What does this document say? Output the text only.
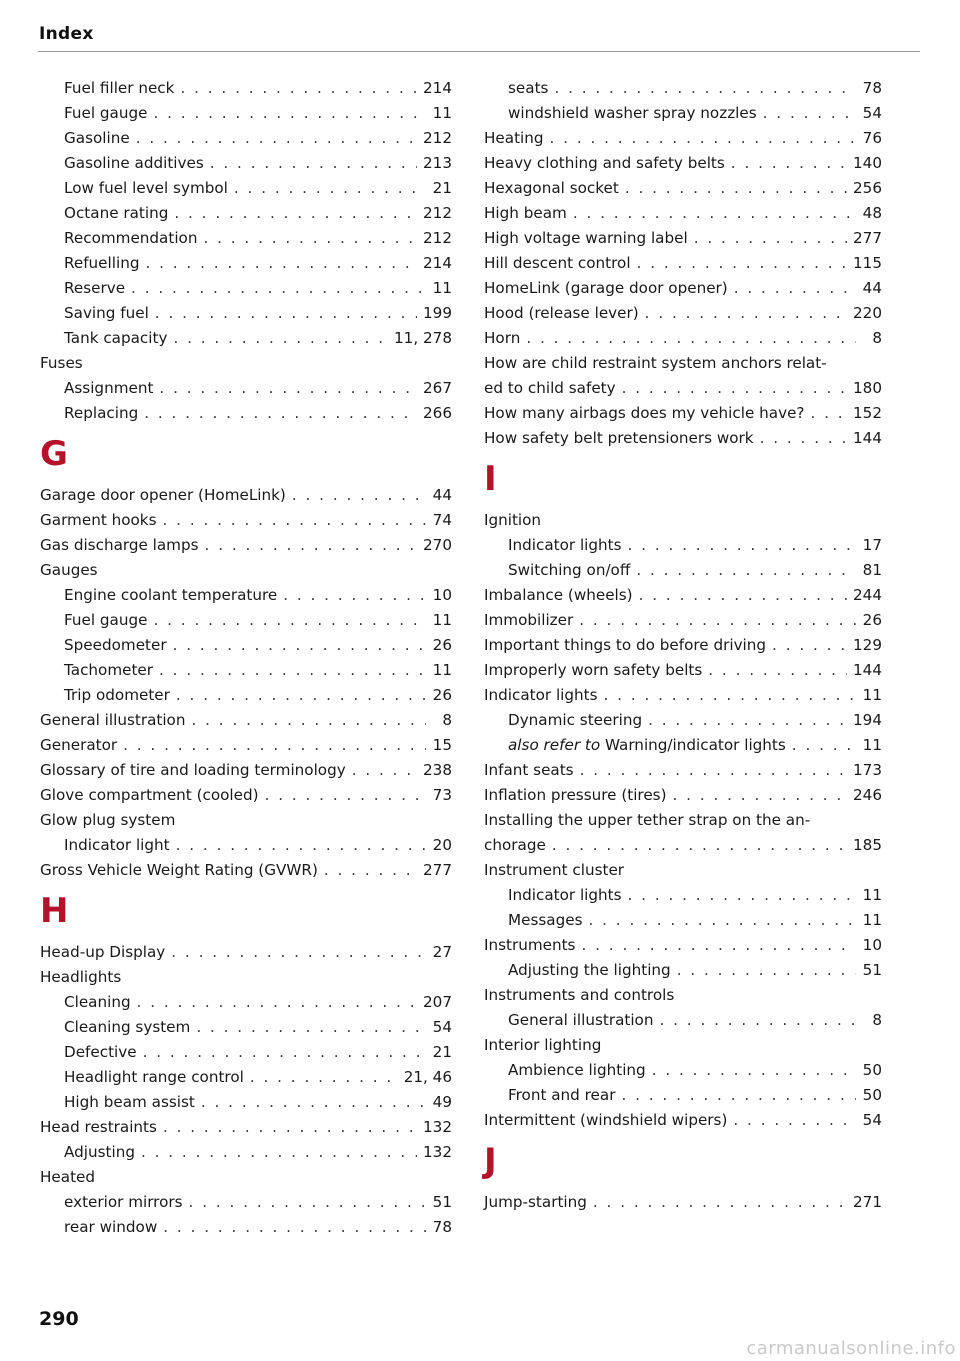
Index
Fuel filler neck . . .	214
Fuel gauge . . .	11
Gasoline . . .	212
Gasoline additives . . .	213
Low fuel level symbol . . .	21
Octane rating . . .	212
Recommendation . . .	212
Refuelling . . .	214
Reserve . . .	11
Saving fuel . . .	199
Tank capacity . . .	11, 278
Fuses
Assignment . . .	267
Replacing . . .	266
G
Garage door opener (HomeLink) . . .	44
Garment hooks . . .	74
Gas discharge lamps . . .	270
Gauges
Engine coolant temperature . . .	10
Fuel gauge . . .	11
Speedometer . . .	26
Tachometer . . .	11
Trip odometer . . .	26
General illustration . . .	8
Generator . . .	15
Glossary of tire and loading terminology . . .	238
Glove compartment (cooled) . . .	73
Glow plug system
Indicator light . . .	20
Gross Vehicle Weight Rating (GVWR) . . .	277
H
Head-up Display . . .	27
Headlights
Cleaning . . .	207
Cleaning system . . .	54
Defective . . .	21
Headlight range control . . .	21, 46
High beam assist . . .	49
Head restraints . . .	132
Adjusting . . .	132
Heated
exterior mirrors . . .	51
rear window . . .	78
seats . . .	78
windshield washer spray nozzles . . .	54
Heating . . .	76
Heavy clothing and safety belts . . .	140
Hexagonal socket . . .	256
High beam . . .	48
High voltage warning label . . .	277
Hill descent control . . .	115
HomeLink (garage door opener) . . .	44
Hood (release lever) . . .	220
Horn . . .	8
How are child restraint system anchors relat-
ed to child safety . . .	180
How many airbags does my vehicle have? . . .	152
How safety belt pretensioners work . . .	144
I
Ignition
Indicator lights . . .	17
Switching on/off . . .	81
Imbalance (wheels) . . .	244
Immobilizer . . .	26
Important things to do before driving . . .	129
Improperly worn safety belts . . .	144
Indicator lights . . .	11
Dynamic steering . . .	194
also refer to Warning/indicator lights . . .	11
Infant seats . . .	173
Inflation pressure (tires) . . .	246
Installing the upper tether strap on the an-
chorage . . .	185
Instrument cluster
Indicator lights . . .	11
Messages . . .	11
Instruments . . .	10
Adjusting the lighting . . .	51
Instruments and controls
General illustration . . .	8
Interior lighting
Ambience lighting . . .	50
Front and rear . . .	50
Intermittent (windshield wipers) . . .	54
J
Jump-starting . . .	271
290
carmanualsonline.info
